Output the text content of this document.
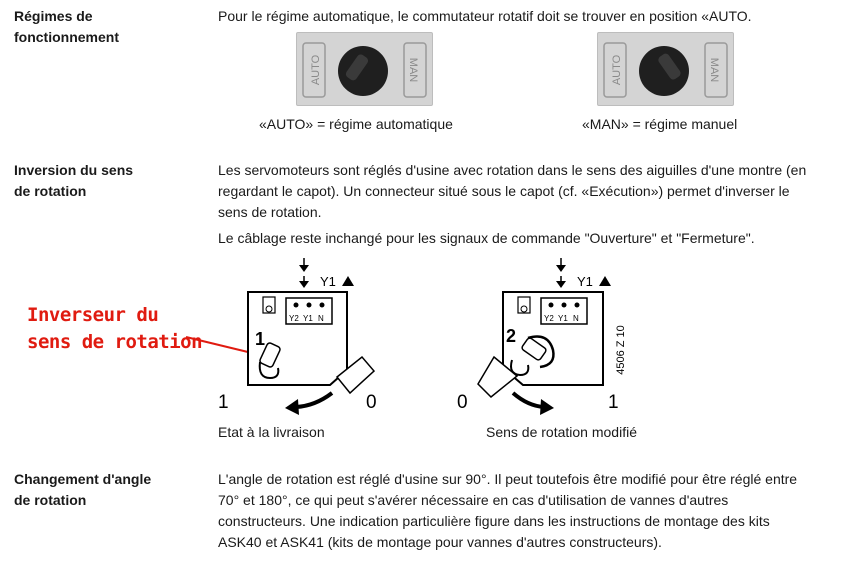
Régimes de
fonctionnement
Pour le régime automatique, le commutateur rotatif doit se trouver en position «AUTO.
AUTO	MAN
«AUTO» = régime automatique
AUTO	MAN
«MAN» = régime manuel
Inversion du sens
de rotation
Les servomoteurs sont réglés d'usine avec rotation dans le sens des aiguilles d'une montre (en regardant le capot). Un connecteur situé sous le capot (cf. «Exécution») permet d'inverser le sens de rotation.
Le câblage reste inchangé pour les signaux de commande "Ouverture" et "Fermeture".
Inverseur du
sens de rotation
Y1
Y2 Y1 N
1
1	0
Y1
Y2 Y1 N
2
0	1
4506 Z 10
Etat à la livraison	Sens de rotation modifié
Changement d'angle
de rotation
L'angle de rotation est réglé d'usine sur 90°. Il peut toutefois être modifié pour être réglé entre 70° et 180°, ce qui peut s'avérer nécessaire en cas d'utilisation de vannes d'autres constructeurs. Une indication particulière figure dans les instructions de montage des kits ASK40 et ASK41 (kits de montage pour vannes d'autres constructeurs).
